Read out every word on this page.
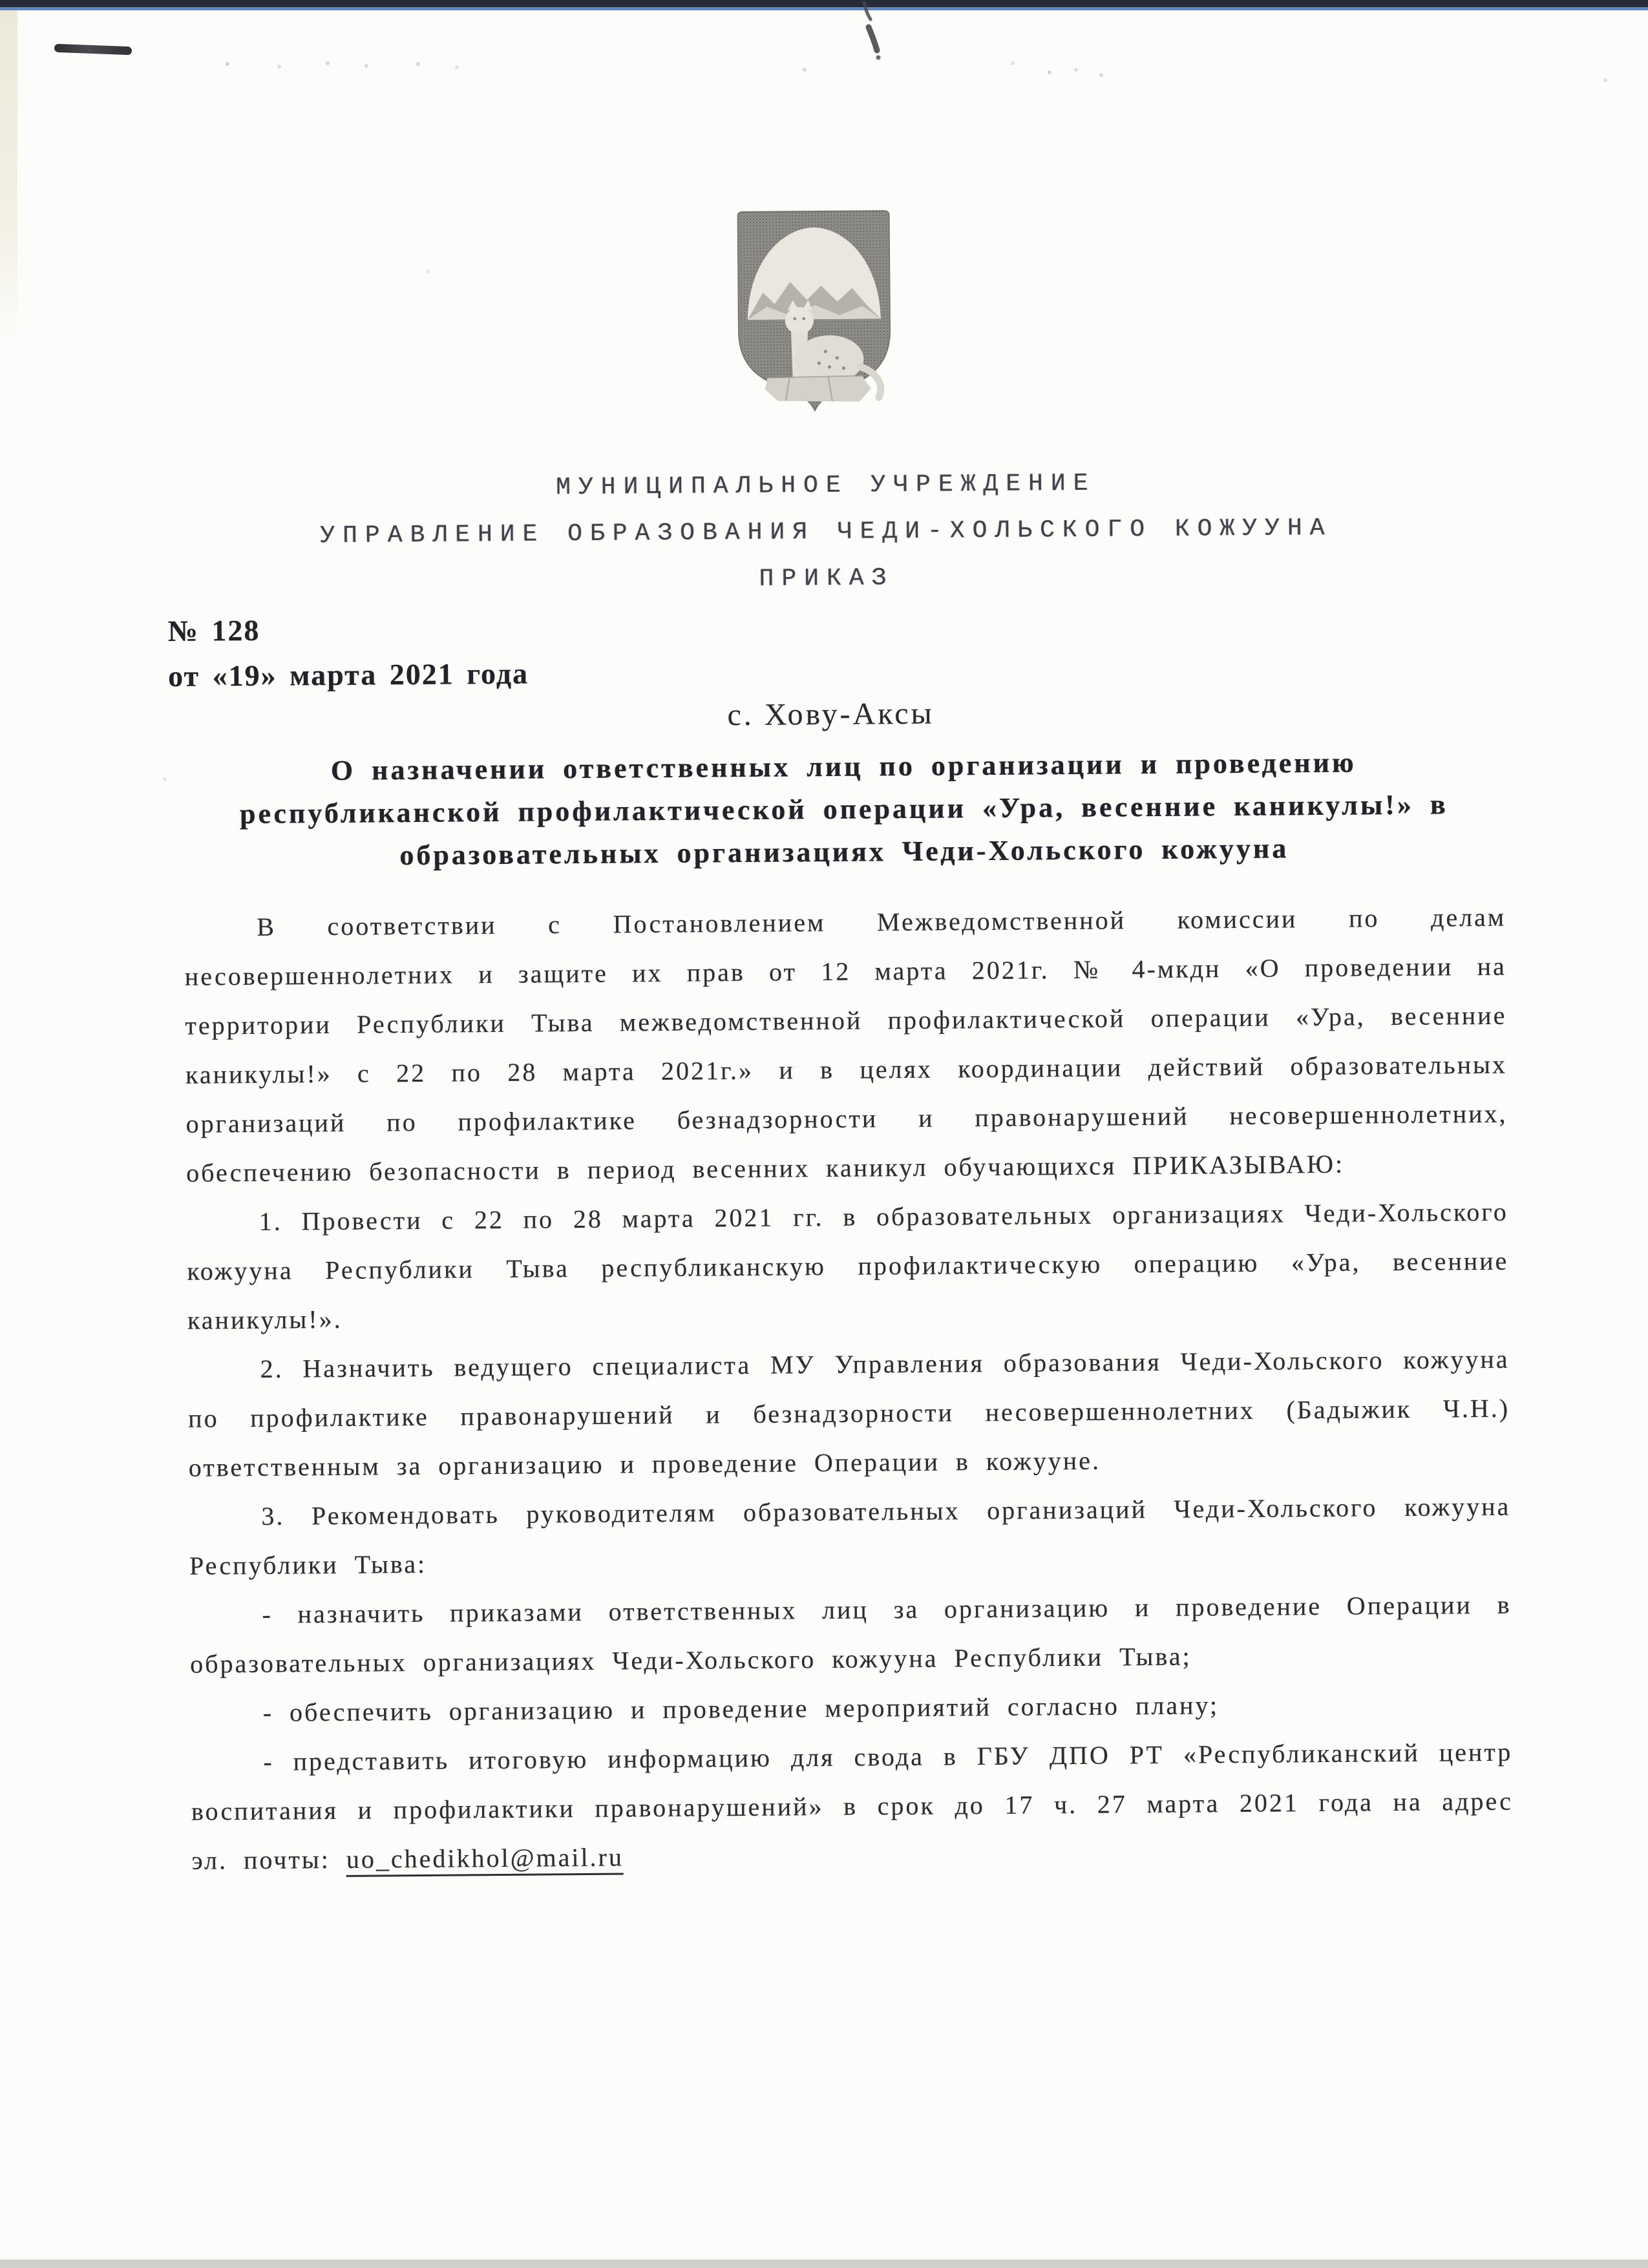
МУНИЦИПАЛЬНОЕ УЧРЕЖДЕНИЕ
УПРАВЛЕНИЕ ОБРАЗОВАНИЯ ЧЕДИ-ХОЛЬСКОГО КОЖУУНА
ПРИКАЗ
№ 128
от «19» марта 2021 года
с. Хову-Аксы
О назначении ответственных лиц по организации и проведению
республиканской профилактической операции «Ура, весенние каникулы!» в
образовательных организациях Чеди-Хольского кожууна

В соответствии с Постановлением Межведомственной комиссии по делам несовершеннолетних и защите их прав от 12 марта 2021г. № 4-мкдн «О проведении на территории Республики Тыва межведомственной профилактической операции «Ура, весенние каникулы!» с 22 по 28 марта 2021г.» и в целях координации действий образовательных организаций по профилактике безнадзорности и правонарушений несовершеннолетних, обеспечению безопасности в период весенних каникул обучающихся ПРИКАЗЫВАЮ:

1. Провести с 22 по 28 марта 2021 гг. в образовательных организациях Чеди-Хольского кожууна Республики Тыва республиканскую профилактическую операцию «Ура, весенние каникулы!».

2. Назначить ведущего специалиста МУ Управления образования Чеди-Хольского кожууна по профилактике правонарушений и безнадзорности несовершеннолетних (Бадыжик Ч.Н.) ответственным за организацию и проведение Операции в кожууне.

3. Рекомендовать руководителям образовательных организаций Чеди-Хольского кожууна Республики Тыва:

- назначить приказами ответственных лиц за организацию и проведение Операции в образовательных организациях Чеди-Хольского кожууна Республики Тыва;

- обеспечить организацию и проведение мероприятий согласно плану;

- представить итоговую информацию для свода в ГБУ ДПО РТ «Республиканский центр воспитания и профилактики правонарушений» в срок до 17 ч. 27 марта 2021 года на адрес эл. почты: uo_chedikhol@mail.ru
